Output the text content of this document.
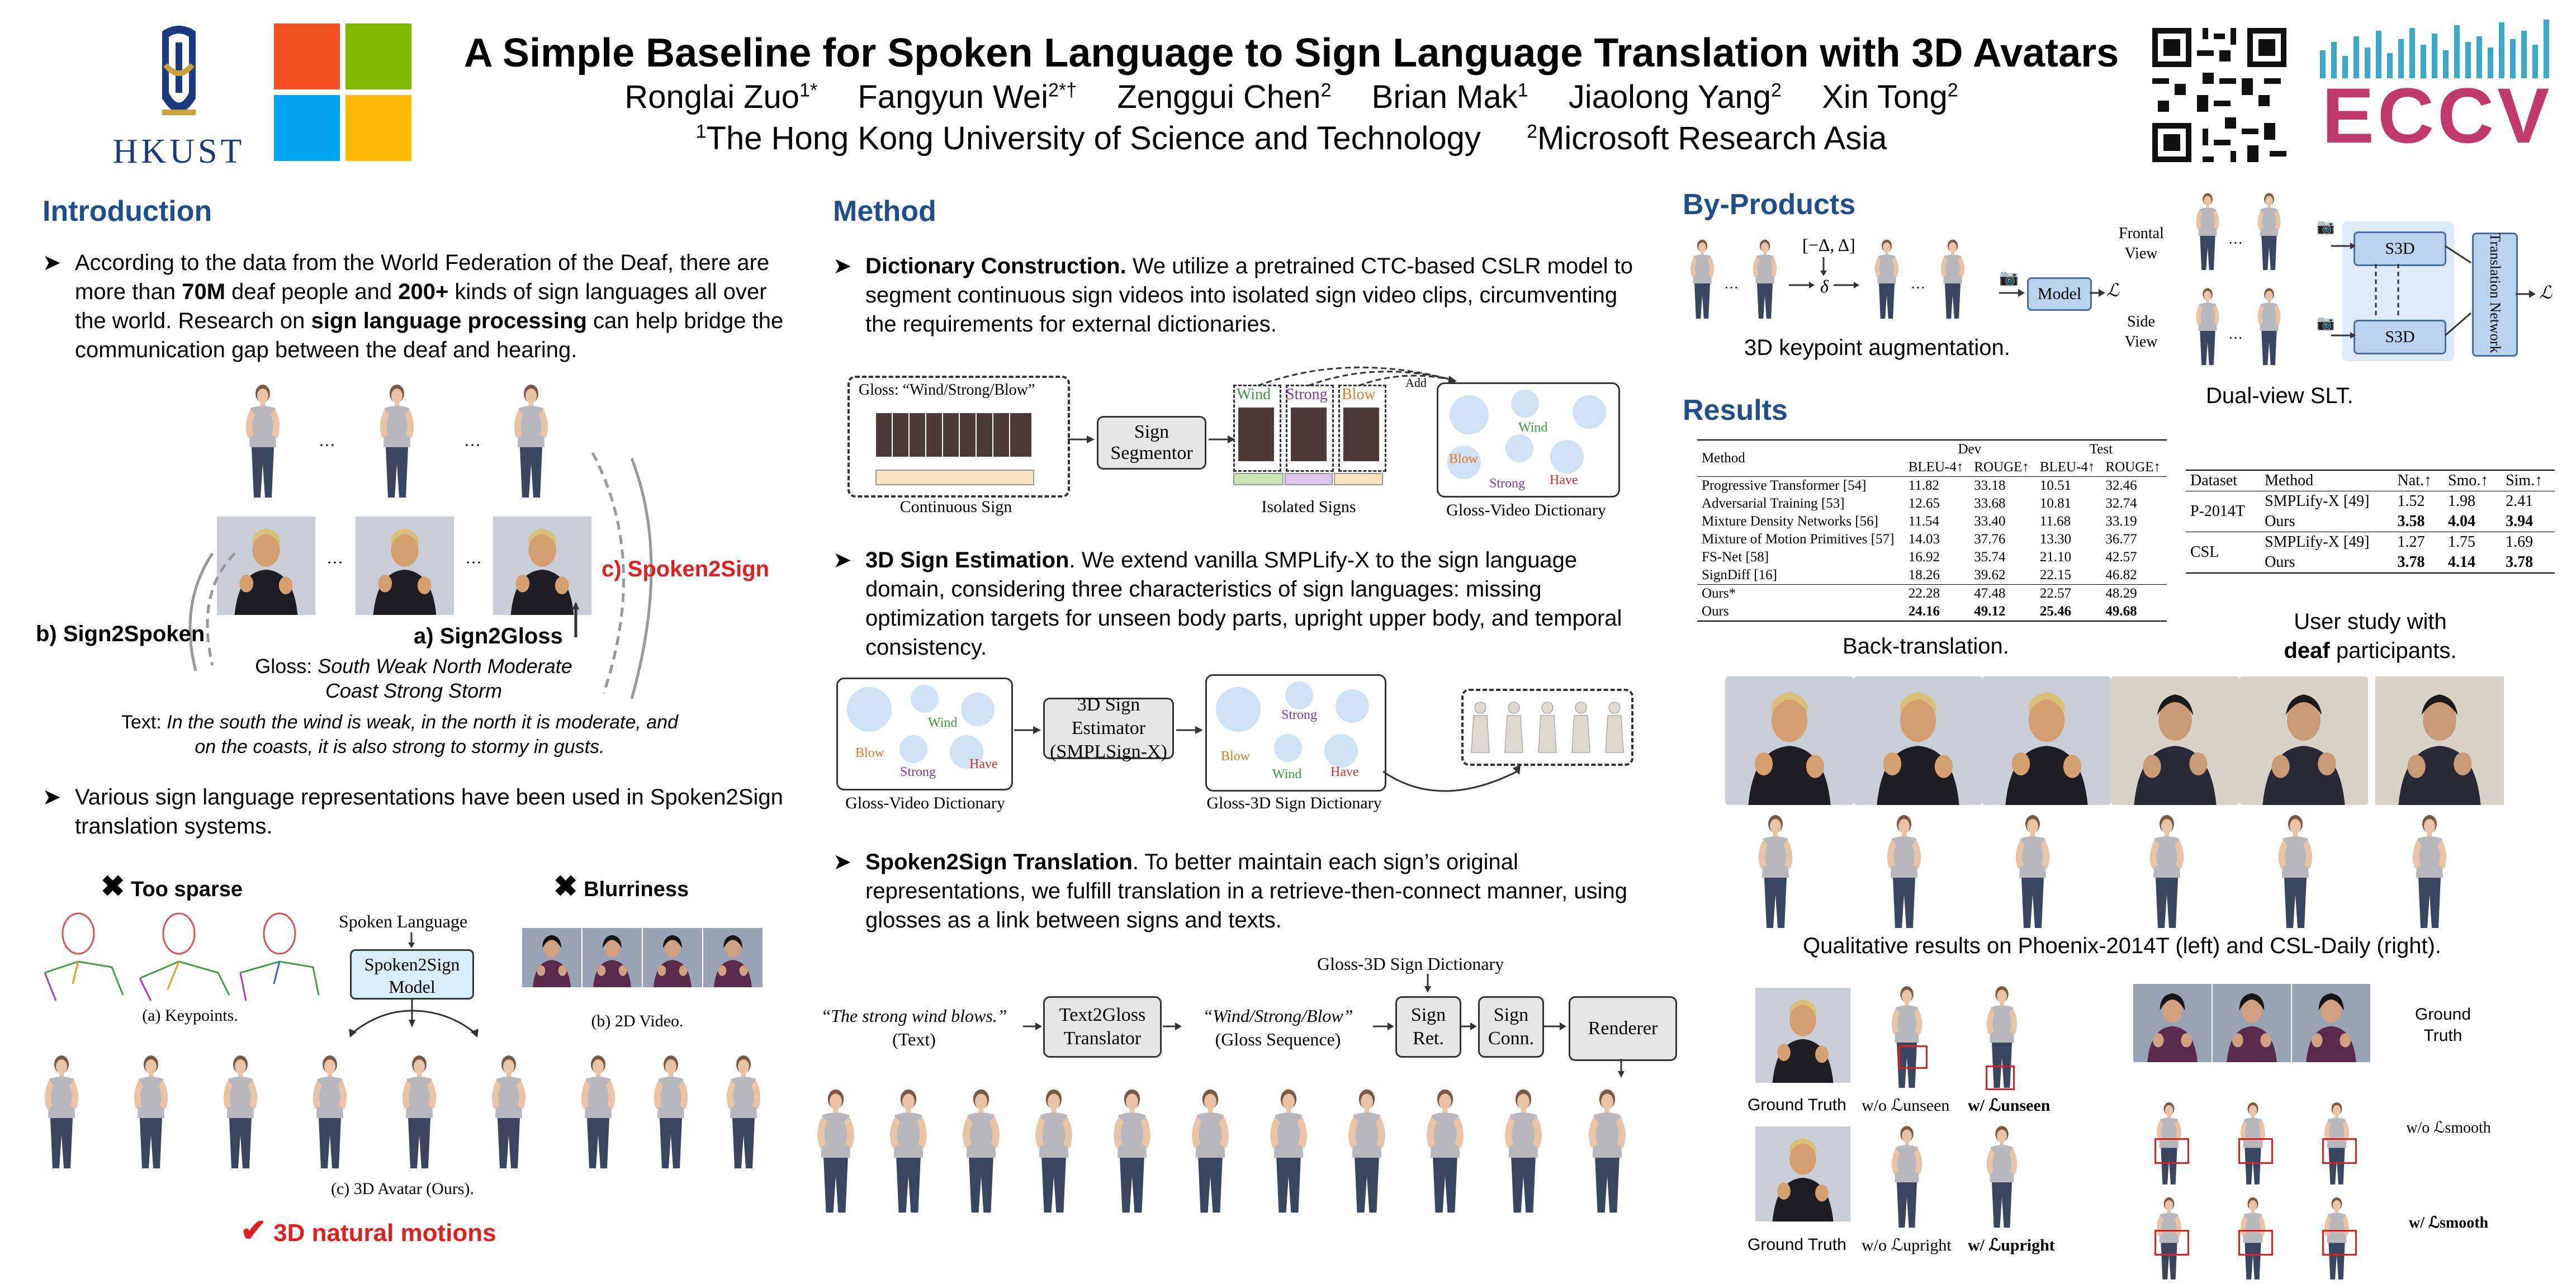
HKUST
A Simple Baseline for Spoken Language to Sign Language Translation with 3D Avatars
Ronglai Zuo$^{1*}$ Fangyun Wei$^{2*\dagger}$ Zenggui Chen$^2$ Brian Mak$^1$ Jiaolong Yang$^2$ Xin Tong$^2$
$^1$The Hong Kong University of Science and Technology $^2$Microsoft Research Asia	ECCV
Introduction
➤ According to the data from the World Federation of the Deaf, there are more than 70M deaf people and 200+ kinds of sign languages all over the world. Research on sign language processing can help bridge the communication gap between the deaf and hearing.
···	···
···	···
b) Sign2Spoken	a) Sign2Gloss
c) Spoken2Sign
Gloss: South Weak North Moderate Coast Strong Storm
Text: In the south the wind is weak, in the north it is moderate, and on the coasts, it is also strong to stormy in gusts.
➤ Various sign language representations have been used in Spoken2Sign translation systems.
✖ Too sparse
(a) Keypoints.
Spoken Language
Spoken2Sign Model
✖ Blurriness
(b) 2D Video.
(c) 3D Avatar (Ours).
✔ 3D natural motions
Method
➤ Dictionary Construction. We utilize a pretrained CTC-based CSLR model to segment continuous sign videos into isolated sign video clips, circumventing the requirements for external dictionaries.
Gloss: “Wind/Strong/Blow”
Continuous Sign
Sign Segmentor
Wind Strong Blow
Isolated Signs
Add
Wind
Blow
Strong Have
Gloss-Video Dictionary
➤ 3D Sign Estimation. We extend vanilla SMPLify-X to the sign language domain, considering three characteristics of sign languages: missing optimization targets for unseen body parts, upright upper body, and temporal consistency.
Wind
Blow
Strong
Have
Gloss-Video Dictionary
3D Sign Estimator (SMPLSign-X)
Strong
Blow
Wind Have
Gloss-3D Sign Dictionary
➤ Spoken2Sign Translation. To better maintain each sign’s original representations, we fulfill translation in a retrieve-then-connect manner, using glosses as a link between signs and texts.
Gloss-3D Sign Dictionary
“The strong wind blows.”
(Text)
Text2Gloss Translator
“Wind/Strong/Blow”
(Gloss Sequence)
Sign Ret.
Sign Conn.	Renderer
By-Products
···
[−Δ, Δ]
δ	···
📷
Model	ℒ
3D keypoint augmentation.
Frontal View
Side View
···
···
📷
📷
S3D
S3D	Translation Network ℒ
Dual-view SLT.
Results
Method	Dev		Test	
	BLEU-4↑	ROUGE↑	BLEU-4↑	ROUGE↑
Progressive Transformer [54]	11.82	33.18	10.51	32.46
Adversarial Training [53]	12.65	33.68	10.81	32.74
Mixture Density Networks [56]	11.54	33.40	11.68	33.19
Mixture of Motion Primitives [57]	14.03	37.76	13.30	36.77
FS-Net [58]	16.92	35.74	21.10	42.57
SignDiff [16]	18.26	39.62	22.15	46.82
Ours*	22.28	47.48	22.57	48.29
Ours	24.16	49.12	25.46	49.68
Back-translation.
Dataset	Method	Nat.↑	Smo.↑	Sim.↑
P-2014T	SMPLify-X [49]	1.52	1.98	2.41
	Ours	3.58	4.04	3.94
CSL	SMPLify-X [49]	1.27	1.75	1.69
	Ours	3.78	4.14	3.78
User study with
deaf participants.
Qualitative results on Phoenix-2014T (left) and CSL-Daily (right).
Ground Truth w/o ℒunseen w/ ℒunseen
Ground Truth w/o ℒupright w/ ℒupright
Ground Truth
w/o ℒsmooth
w/ ℒsmooth
